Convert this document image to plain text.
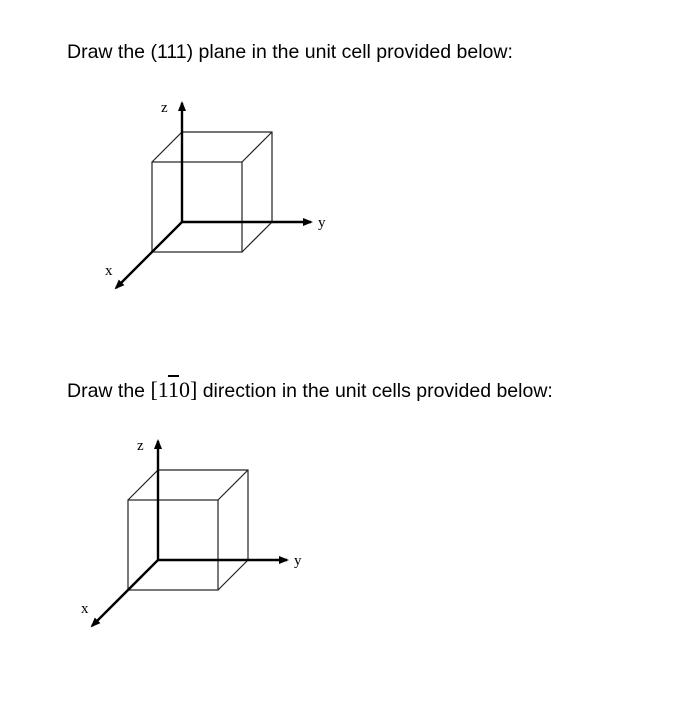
Draw the (111) plane in the unit cell provided below:

z
y
x

Draw the [110] direction in the unit cells provided below:

z
y
x
